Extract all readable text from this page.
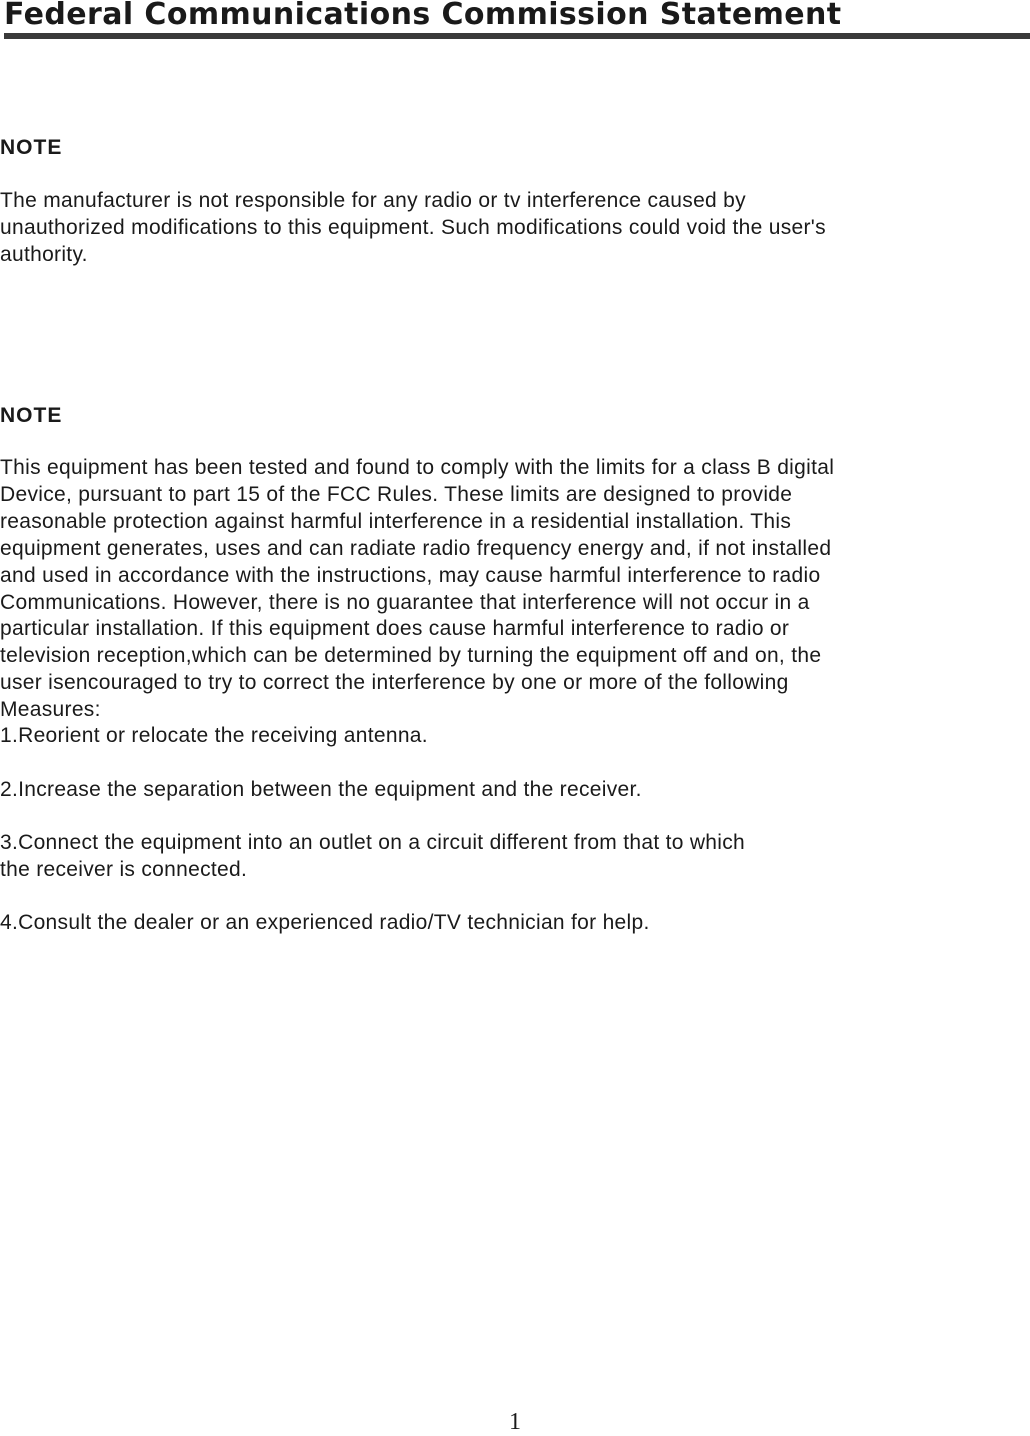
Federal Communications Commission Statement
NOTE

The manufacturer is not responsible for any radio or tv interference caused by
unauthorized modifications to this equipment. Such modifications could void the user's
authority.

NOTE

This equipment has been tested and found to comply with the limits for a class B digital
Device, pursuant to part 15 of the FCC Rules. These limits are designed to provide
reasonable protection against harmful interference in a residential installation. This
equipment generates, uses and can radiate radio frequency energy and, if not installed
and used in accordance with the instructions, may cause harmful interference to radio
Communications. However, there is no guarantee that interference will not occur in a
particular installation. If this equipment does cause harmful interference to radio or
television reception,which can be determined by turning the equipment off and on, the
user isencouraged to try to correct the interference by one or more of the following
Measures:

1.Reorient or relocate the receiving antenna.

2.Increase the separation between the equipment and the receiver.

3.Connect the equipment into an outlet on a circuit different from that to which
the receiver is connected.

4.Consult the dealer or an experienced radio/TV technician for help.

1
